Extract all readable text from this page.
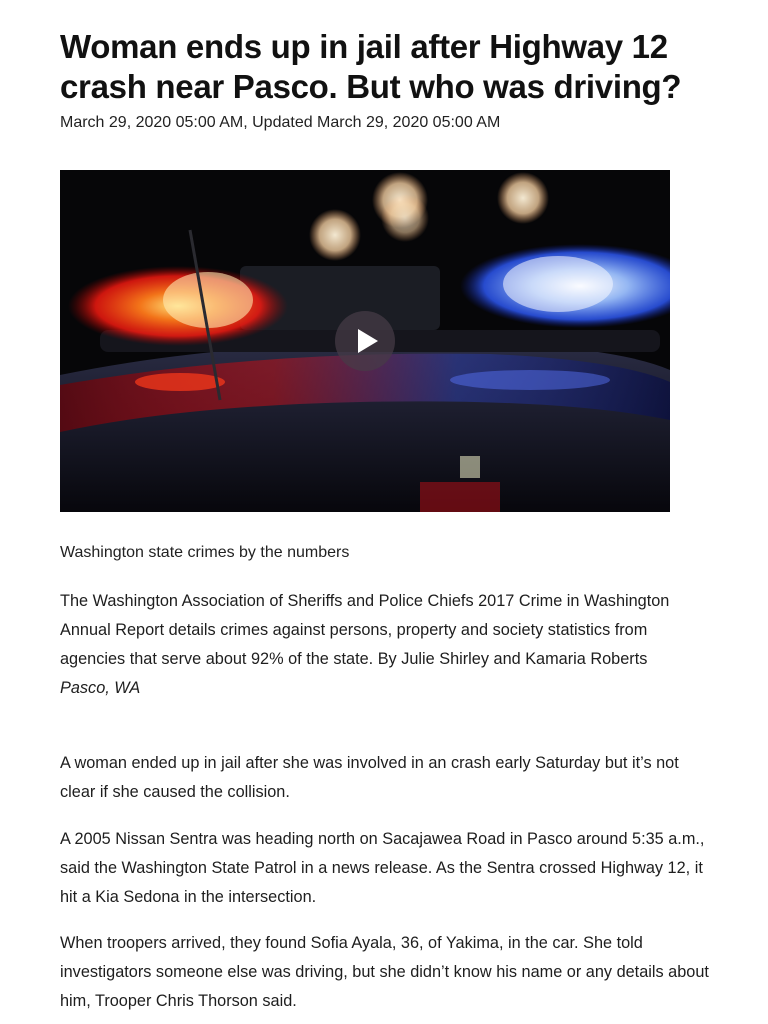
Woman ends up in jail after Highway 12 crash near Pasco. But who was driving?
March 29, 2020 05:00 AM, Updated March 29, 2020 05:00 AM
Washington state crimes by the numbers
The Washington Association of Sheriffs and Police Chiefs 2017 Crime in Washington Annual Report details crimes against persons, property and society statistics from agencies that serve about 92% of the state. By Julie Shirley and Kamaria Roberts
Pasco, WA

A woman ended up in jail after she was involved in an crash early Saturday but it’s not clear if she caused the collision.

A 2005 Nissan Sentra was heading north on Sacajawea Road in Pasco around 5:35 a.m., said the Washington State Patrol in a news release. As the Sentra crossed Highway 12, it hit a Kia Sedona in the intersection.

When troopers arrived, they found Sofia Ayala, 36, of Yakima, in the car. She told investigators someone else was driving, but she didn’t know his name or any details about him, Trooper Chris Thorson said.
